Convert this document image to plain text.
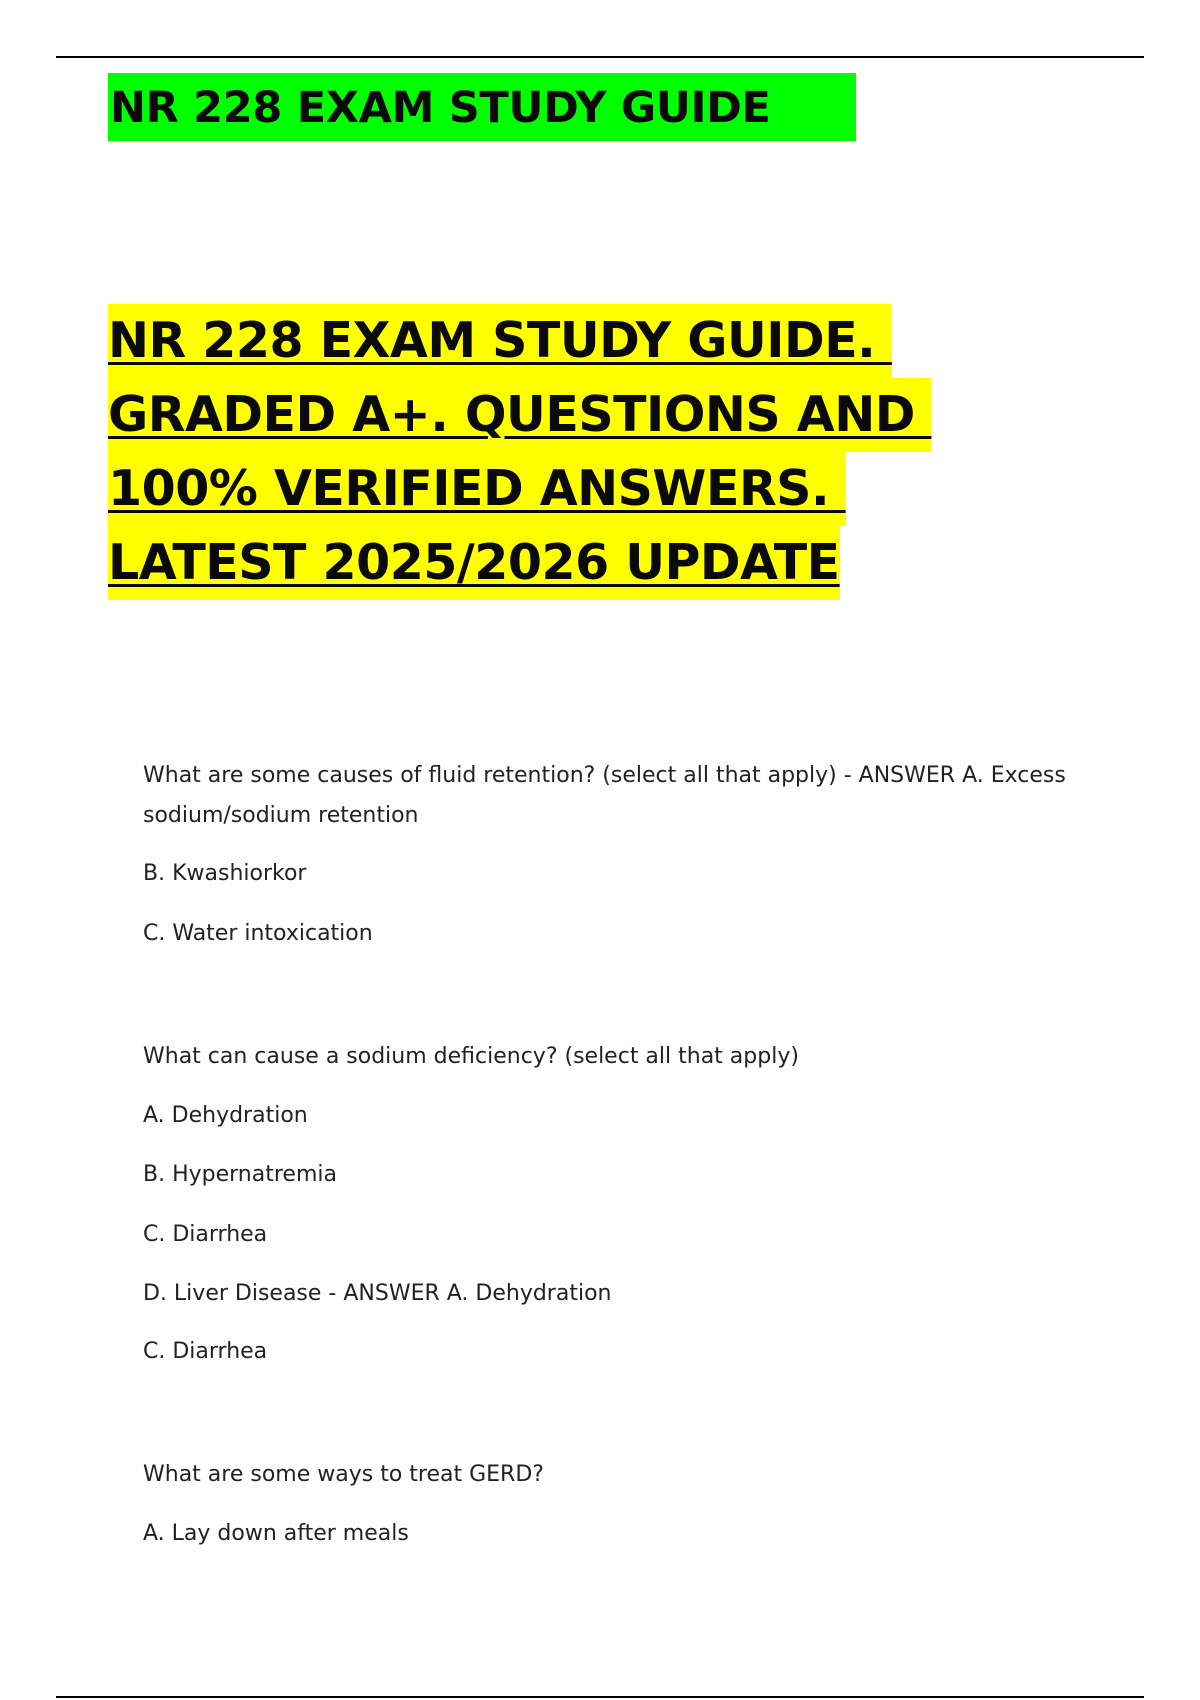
NR 228 EXAM STUDY GUIDE
NR 228 EXAM STUDY GUIDE.
GRADED A+. QUESTIONS AND
100% VERIFIED ANSWERS.
LATEST 2025/2026 UPDATE

What are some causes of fluid retention? (select all that apply) - ANSWER A. Excess sodium/sodium retention

B. Kwashiorkor

C. Water intoxication

What can cause a sodium deficiency? (select all that apply)

A. Dehydration

B. Hypernatremia

C. Diarrhea

D. Liver Disease - ANSWER A. Dehydration

C. Diarrhea

What are some ways to treat GERD?

A. Lay down after meals
